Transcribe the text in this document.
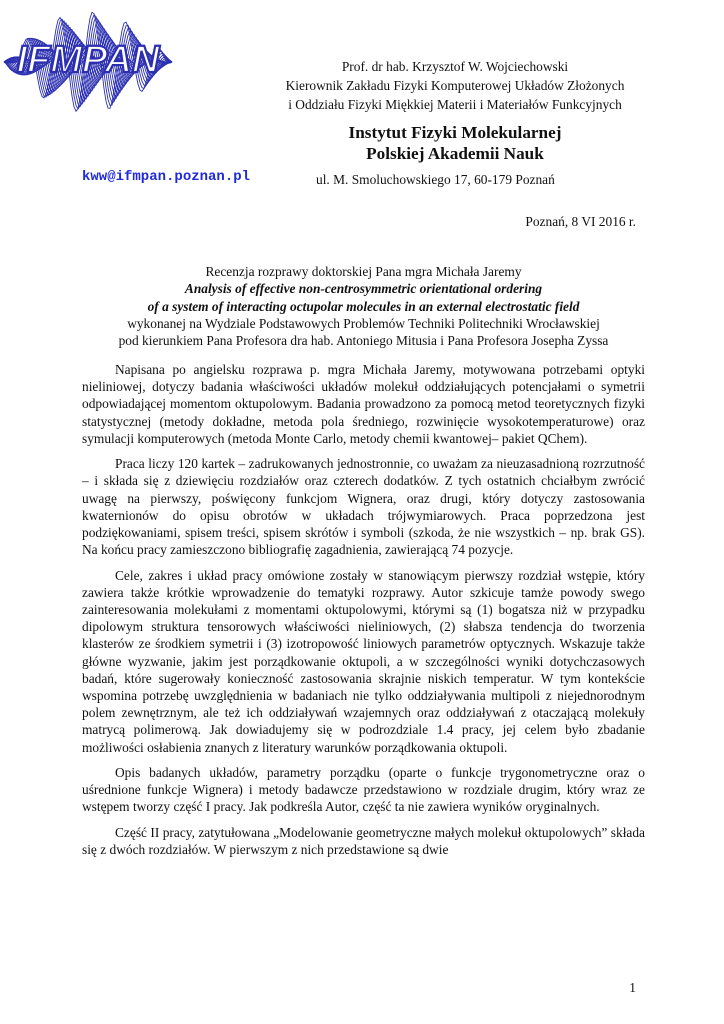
IFMPAN	Prof. dr hab. Krzysztof W. Wojciechowski
Kierownik Zakładu Fizyki Komputerowej Układów Złożonych
i Oddziału Fizyki Miękkiej Materii i Materiałów Funkcyjnych
Instytut Fizyki Molekularnej
Polskiej Akademii Nauk
kww@ifmpan.poznan.pl	ul. M. Smoluchowskiego 17, 60-179 Poznań
Poznań, 8 VI 2016 r.
Recenzja rozprawy doktorskiej Pana mgra Michała Jaremy
Analysis of effective non-centrosymmetric orientational ordering
of a system of interacting octupolar molecules in an external electrostatic field
wykonanej na Wydziale Podstawowych Problemów Techniki Politechniki Wrocławskiej
pod kierunkiem Pana Profesora dra hab. Antoniego Mitusia i Pana Profesora Josepha Zyssa

Napisana po angielsku rozprawa p. mgra Michała Jaremy, motywowana potrzebami optyki nieliniowej, dotyczy badania właściwości układów molekuł oddziałujących potencjałami o symetrii odpowiadającej momentom oktupolowym. Badania prowadzono za pomocą metod teoretycznych fizyki statystycznej (metody dokładne, metoda pola średniego, rozwinięcie wysokotemperaturowe) oraz symulacji komputerowych (metoda Monte Carlo, metody chemii kwantowej– pakiet QChem).

Praca liczy 120 kartek – zadrukowanych jednostronnie, co uważam za nieuzasadnioną rozrzutność – i składa się z dziewięciu rozdziałów oraz czterech dodatków. Z tych ostatnich chciałbym zwrócić uwagę na pierwszy, poświęcony funkcjom Wignera, oraz drugi, który dotyczy zastosowania kwaternionów do opisu obrotów w układach trójwymiarowych. Praca poprzedzona jest podziękowaniami, spisem treści, spisem skrótów i symboli (szkoda, że nie wszystkich – np. brak GS). Na końcu pracy zamieszczono bibliografię zagadnienia, zawierającą 74 pozycje.

Cele, zakres i układ pracy omówione zostały w stanowiącym pierwszy rozdział wstępie, który zawiera także krótkie wprowadzenie do tematyki rozprawy. Autor szkicuje tamże powody swego zainteresowania molekułami z momentami oktupolowymi, którymi są (1) bogatsza niż w przypadku dipolowym struktura tensorowych właściwości nieliniowych, (2) słabsza tendencja do tworzenia klasterów ze środkiem symetrii i (3) izotropowość liniowych parametrów optycznych. Wskazuje także główne wyzwanie, jakim jest porządkowanie oktupoli, a w szczególności wyniki dotychczasowych badań, które sugerowały konieczność zastosowania skrajnie niskich temperatur. W tym kontekście wspomina potrzebę uwzględnienia w badaniach nie tylko oddziaływania multipoli z niejednorodnym polem zewnętrznym, ale też ich oddziaływań wzajemnych oraz oddziaływań z otaczającą molekuły matrycą polimerową. Jak dowiadujemy się w podrozdziale 1.4 pracy, jej celem było zbadanie możliwości osłabienia znanych z literatury warunków porządkowania oktupoli.

Opis badanych układów, parametry porządku (oparte o funkcje trygonometryczne oraz o uśrednione funkcje Wignera) i metody badawcze przedstawiono w rozdziale drugim, który wraz ze wstępem tworzy część I pracy. Jak podkreśla Autor, część ta nie zawiera wyników oryginalnych.

Część II pracy, zatytułowana „Modelowanie geometryczne małych molekuł oktupolowych” składa się z dwóch rozdziałów. W pierwszym z nich przedstawione są dwie

1
